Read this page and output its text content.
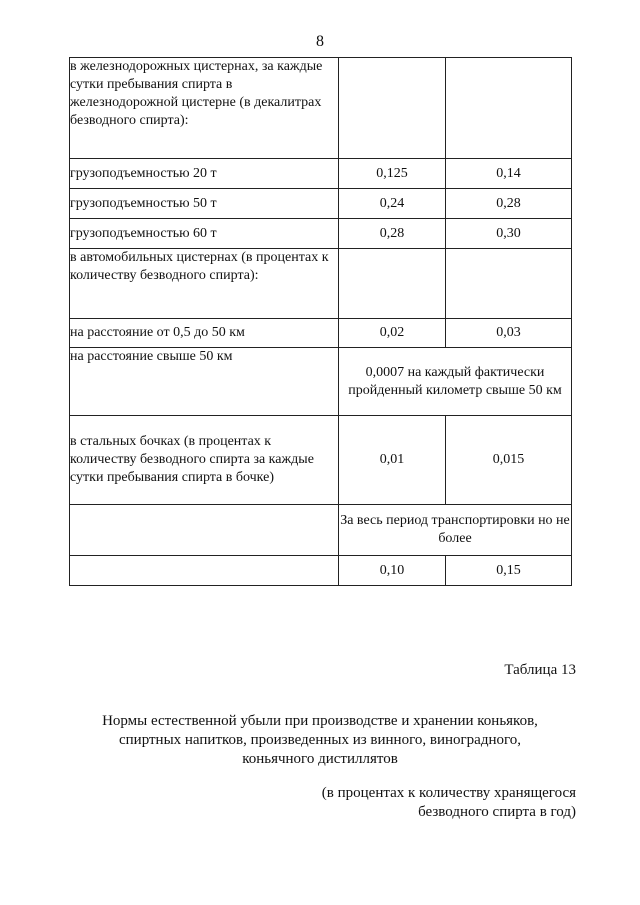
8
в железнодорожных цистернах, за каждые сутки пребывания спирта в железнодорожной цистерне (в декалитрах безводного спирта):		
грузоподъемностью 20 т	0,125	0,14
грузоподъемностью 50 т	0,24	0,28
грузоподъемностью 60 т	0,28	0,30
в автомобильных цистернах (в процентах к количеству безводного спирта):		
на расстояние от 0,5 до 50 км	0,02	0,03
на расстояние свыше 50 км	0,0007 на каждый фактически пройденный километр свыше 50 км	
в стальных бочках (в процентах к количеству безводного спирта за каждые сутки пребывания спирта в бочке)	0,01	0,015
	За весь период транспортировки но не более	
	0,10	0,15
Таблица 13
Нормы естественной убыли при производстве и хранении коньяков,
спиртных напитков, произведенных из винного, виноградного,
коньячного дистиллятов
(в процентах к количеству хранящегося
безводного спирта в год)
